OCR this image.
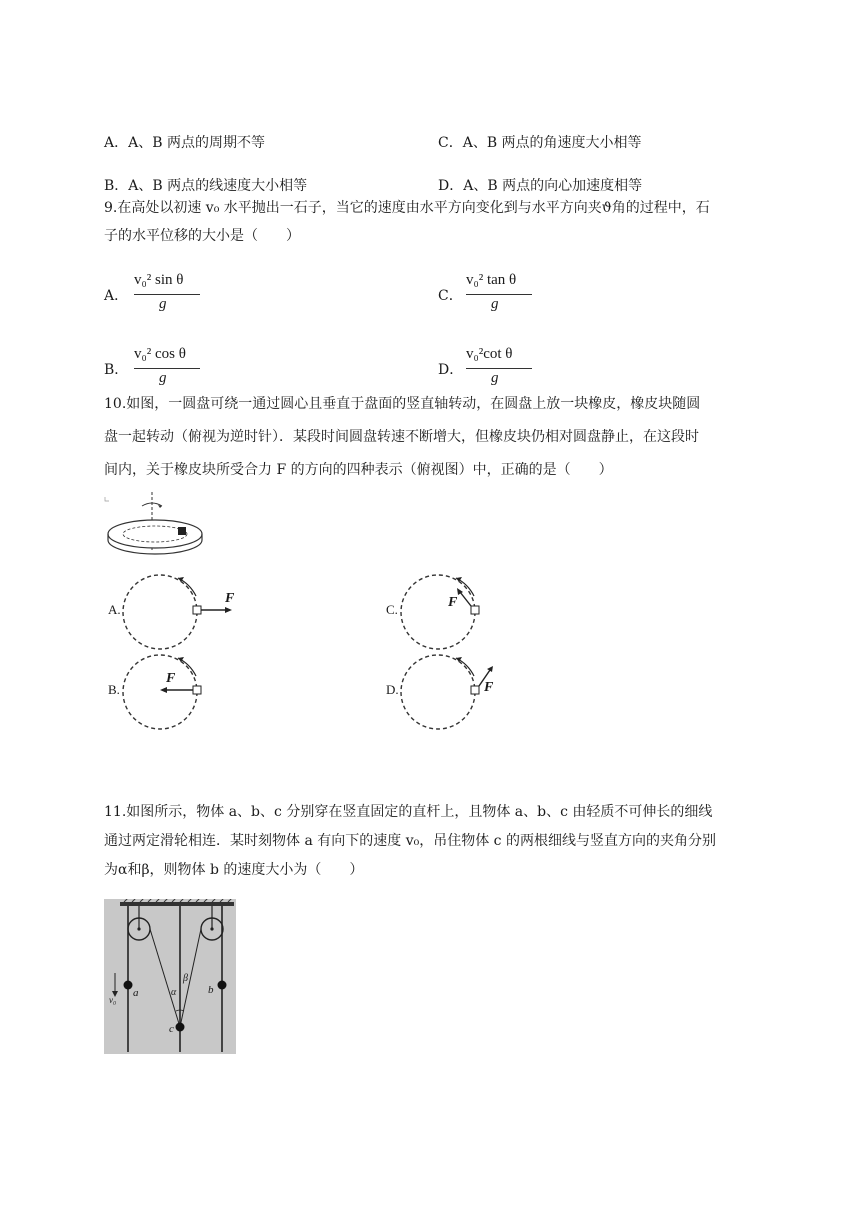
A．A、B 两点的周期不等	C．A、B 两点的角速度大小相等
B．A、B 两点的线速度大小相等	D．A、B 两点的向心加速度相等
9.在高处以初速 v₀ 水平抛出一石子，当它的速度由水平方向变化到与水平方向夹ϑ角的过程中，石
子的水平位移的大小是（　　）
A．
v₀² sin θ
g	C．
v₀² tan θ
g
B．
v₀² cos θ
g	D．
v₀²cot θ
g
10.如图，一圆盘可绕一通过圆心且垂直于盘面的竖直轴转动，在圆盘上放一块橡皮，橡皮块随圆
盘一起转动（俯视为逆时针）．某段时间圆盘转速不断增大，但橡皮块仍相对圆盘静止，在这段时
间内，关于橡皮块所受合力 F 的方向的四种表示（俯视图）中，正确的是（　　）
A.
F
C.	F
B.
F
D.	F
11.如图所示，物体 a、b、c 分别穿在竖直固定的直杆上，且物体 a、b、c 由轻质不可伸长的细线
通过两定滑轮相连．某时刻物体 a 有向下的速度 v₀，吊住物体 c 的两根细线与竖直方向的夹角分别
为α和β，则物体 b 的速度大小为（　　）
a	b
c
α
β
v₀
